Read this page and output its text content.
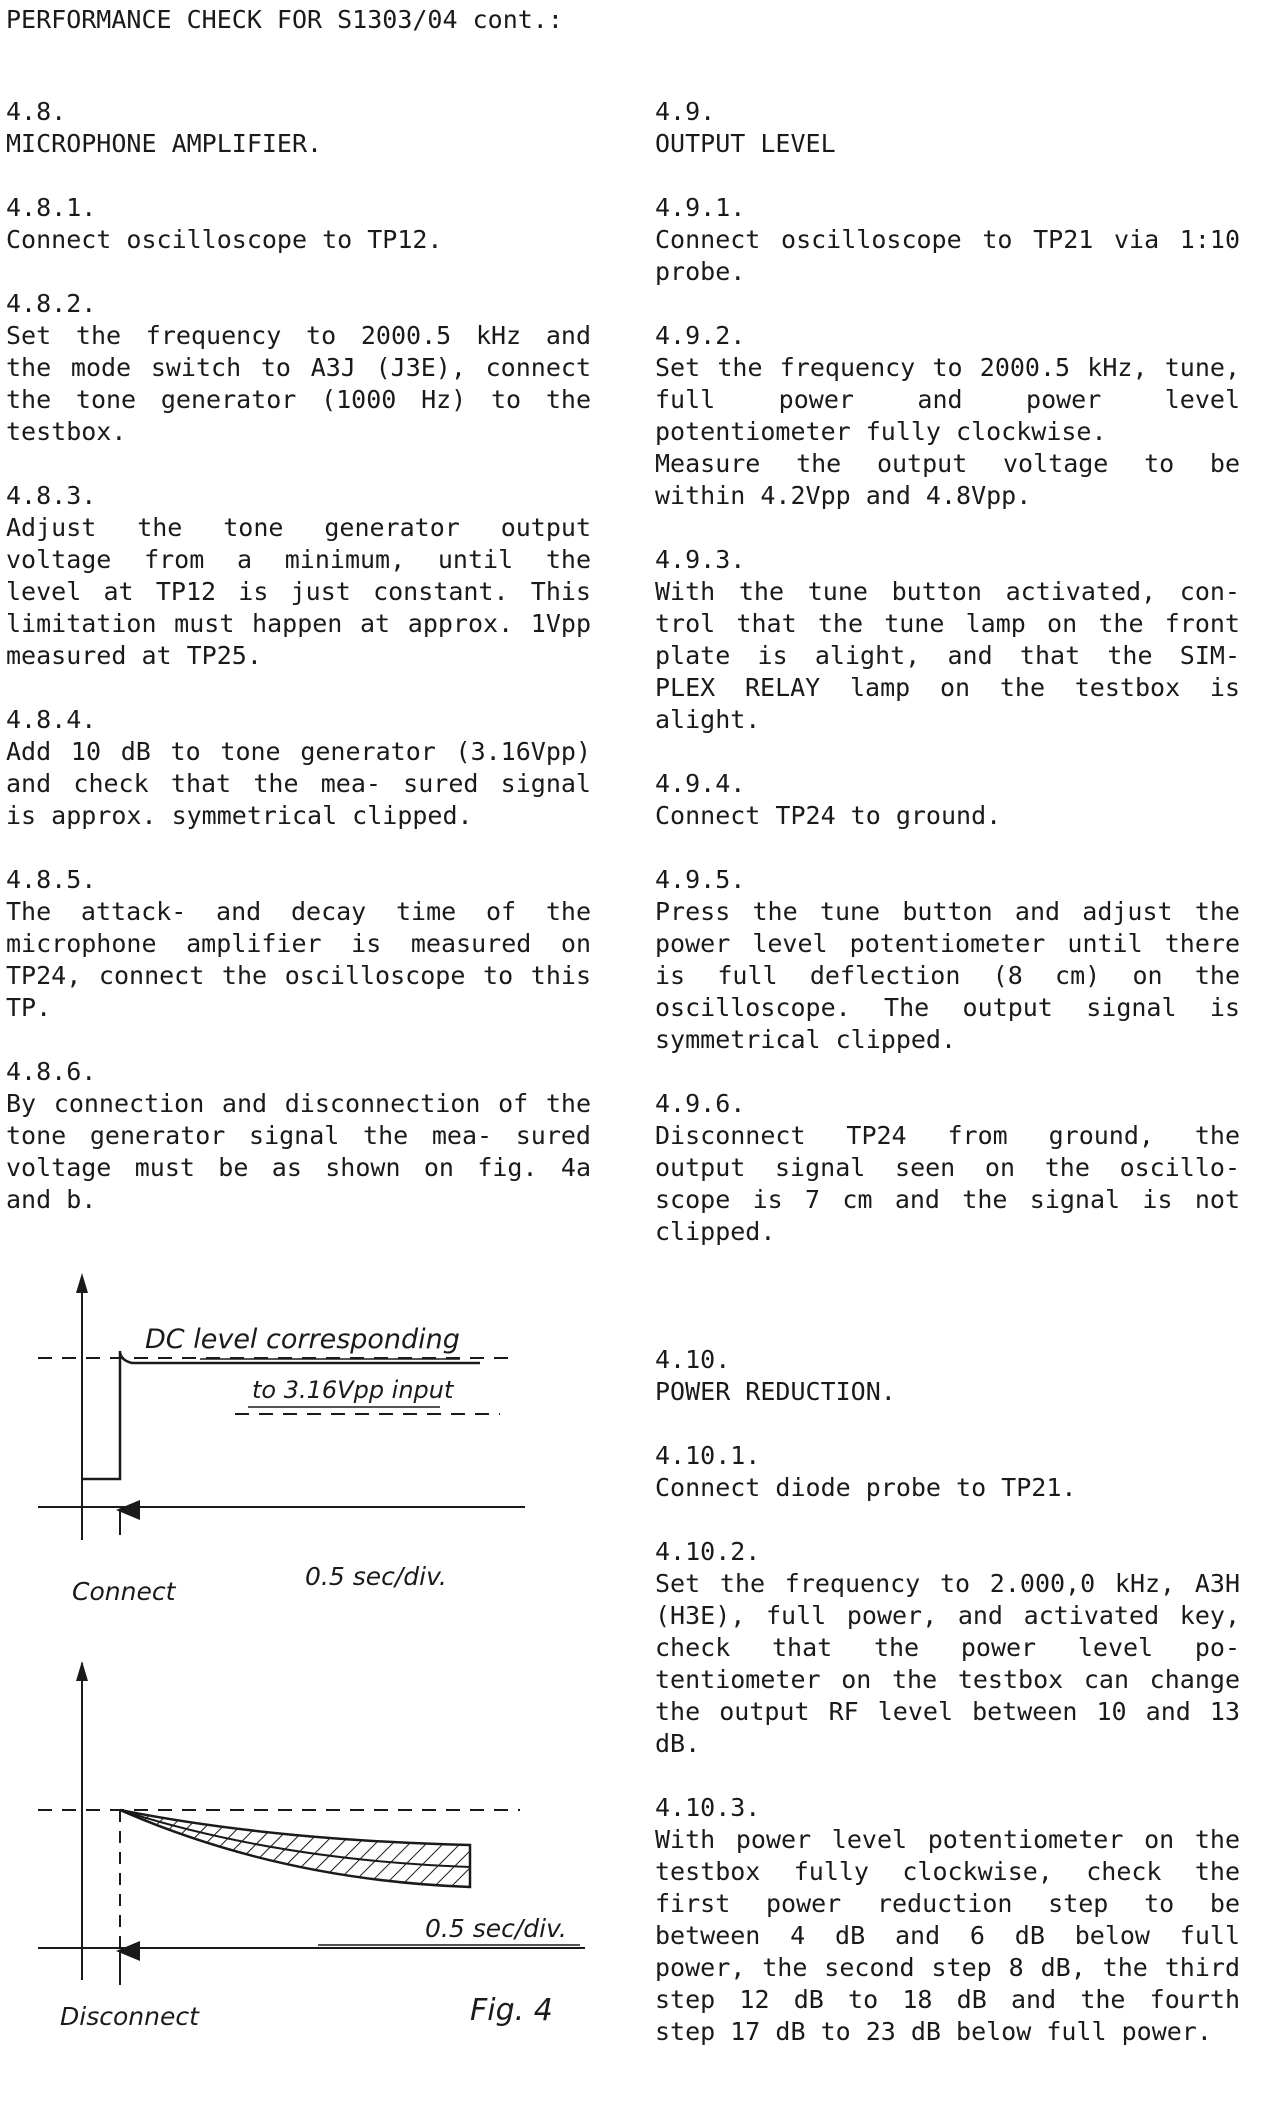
PERFORMANCE CHECK FOR S1303/04 cont.:
4.8.
MICROPHONE AMPLIFIER.
4.8.1.
Connect oscilloscope to TP12.
4.8.2.
Set the frequency to 2000.5 kHz and the mode switch to A3J (J3E), connect the tone generator (1000 Hz) to the testbox.
4.8.3.
Adjust the tone generator output voltage from a minimum, until the level at TP12 is just constant. This limitation must happen at approx. 1Vpp measured at TP25.
4.8.4.
Add 10 dB to tone generator (3.16Vpp) and check that the mea- sured signal is approx. symmetrical clipped.
4.8.5.
The attack- and decay time of the microphone amplifier is measured on TP24, connect the oscilloscope to this TP.
4.8.6.
By connection and disconnection of the tone generator signal the mea- sured voltage must be as shown on fig. 4a and b.
4.9.
OUTPUT LEVEL
4.9.1.
Connect oscilloscope to TP21 via 1:10 probe.
4.9.2.
Set the frequency to 2000.5 kHz, tune, full power and power level potentiometer fully clockwise.
Measure the output voltage to be within 4.2Vpp and 4.8Vpp.
4.9.3.
With the tune button activated, con- trol that the tune lamp on the front plate is alight, and that the SIM- PLEX RELAY lamp on the testbox is alight.
4.9.4.
Connect TP24 to ground.
4.9.5.
Press the tune button and adjust the power level potentiometer until there is full deflection (8 cm) on the oscilloscope. The output signal is symmetrical clipped.
4.9.6.
Disconnect TP24 from ground, the output signal seen on the oscillo- scope is 7 cm and the signal is not clipped.
4.10.
POWER REDUCTION.
4.10.1.
Connect diode probe to TP21.
4.10.2.
Set the frequency to 2.000,0 kHz, A3H (H3E), full power, and activated key, check that the power level po- tentiometer on the testbox can change the output RF level between 10 and 13 dB.
4.10.3.
With power level potentiometer on the testbox fully clockwise, check the first power reduction step to be between 4 dB and 6 dB below full power, the second step 8 dB, the third step 12 dB to 18 dB and the fourth step 17 dB to 23 dB below full power.
DC level corresponding
to 3.16Vpp input
0.5 sec/div.
Connect
0.5 sec/div.
Disconnect	Fig. 4
